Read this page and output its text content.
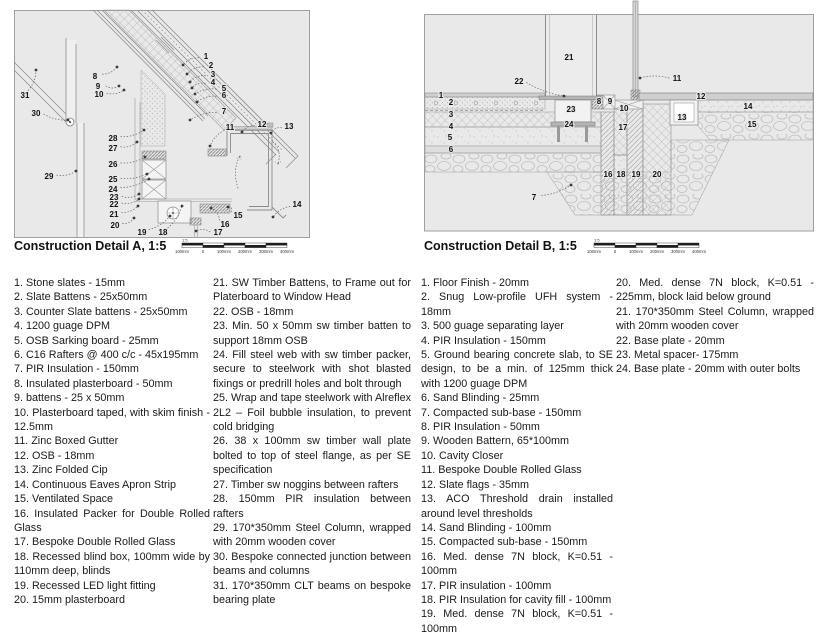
1
2
3
4
5
6
7
8
9
10
11	12 13
14
15
16
17
18
19
20
21
22
23
24
25
26
27
28
29
30
31	1
2
3
4
5
6
7
8 9
10
11
12
13
14
15
16
17
18 19 20
21
22
23
24
Construction Detail A, 1:5	Construction Detail B, 1:5
1:5
100mm	0	100mm 200mm 300mm 400mm
1:5
100mm	0	100mm 200mm 300mm 400mm
1. Stone slates - 15mm
2. Slate Battens - 25x50mm
3. Counter Slate battens - 25x50mm
4. 1200 guage DPM
5. OSB Sarking board - 25mm
6. C16 Rafters @ 400 c/c - 45x195mm
7. PIR Insulation - 150mm
8. Insulated plasterboard - 50mm
9. battens - 25 x 50mm
10. Plasterboard taped, with skim finish - 12.5mm
11. Zinc Boxed Gutter
12. OSB - 18mm
13. Zinc Folded Cip
14. Continuous Eaves Apron Strip
15. Ventilated Space
16. Insulated Packer for Double Rolled Glass
17. Bespoke Double Rolled Glass
18. Recessed blind box, 100mm wide by 110mm deep, blinds
19. Recessed LED light fitting
20. 15mm plasterboard
21. SW Timber Battens, to Frame out for Platerboard to Window Head
22. OSB - 18mm
23. Min. 50 x 50mm sw timber batten to support 18mm OSB
24. Fill steel web with sw timber packer, secure to steelwork with shot blasted fixings or predrill holes and bolt through
25. Wrap and tape steelwork with Alreflex 2L2 – Foil bubble insulation, to prevent cold bridging
26. 38 x 100mm sw timber wall plate bolted to top of steel flange, as per SE specification
27. Timber sw noggins between rafters
28. 150mm PIR insulation between rafters
29. 170*350mm Steel Column, wrapped with 20mm wooden cover
30. Bespoke connected junction between beams and columns
31. 170*350mm CLT beams on bespoke bearing plate
1. Floor Finish - 20mm
2. Snug Low-profile UFH system - 18mm
3. 500 guage separating layer
4. PIR Insulation - 150mm
5. Ground bearing concrete slab, to SE design, to be a min. of 125mm thick with 1200 guage DPM
6. Sand Blinding - 25mm
7. Compacted sub-base - 150mm
8. PIR Insulation - 50mm
9. Wooden Battern, 65*100mm
10. Cavity Closer
11. Bespoke Double Rolled Glass
12. Slate flags - 35mm
13. ACO Threshold drain installed around level thresholds
14. Sand Blinding - 100mm
15. Compacted sub-base - 150mm
16. Med. dense 7N block, K=0.51 - 100mm
17. PIR insulation - 100mm
18. PIR Insulation for cavity fill - 100mm
19. Med. dense 7N block, K=0.51 - 100mm
20. Med. dense 7N block, K=0.51 - 225mm, block laid below ground
21. 170*350mm Steel Column, wrapped with 20mm wooden cover
22. Base plate - 20mm
23. Metal spacer- 175mm
24. Base plate - 20mm with outer bolts
